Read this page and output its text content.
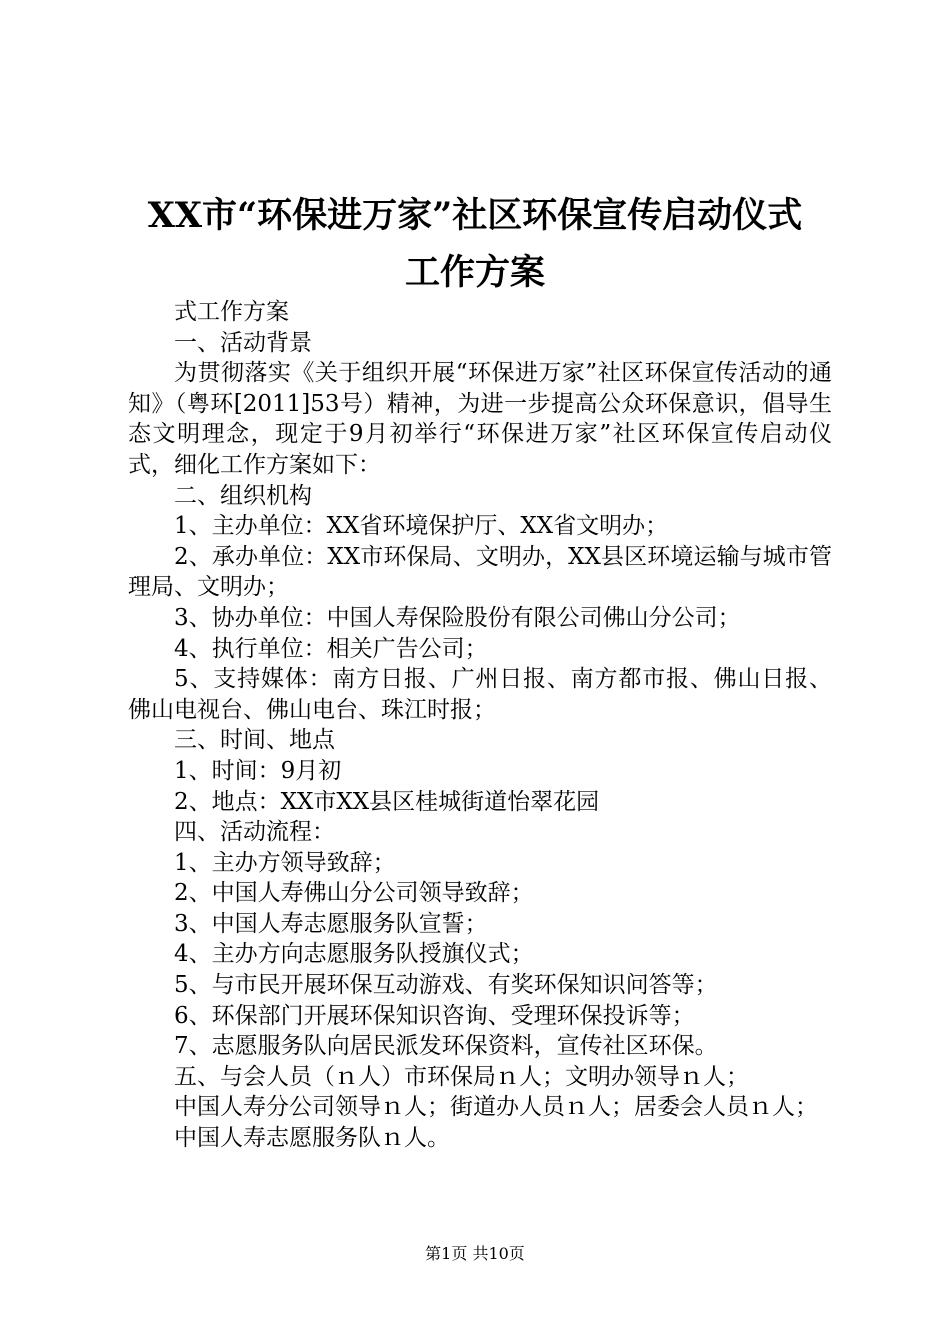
XX市“环保进万家”社区环保宣传启动仪式
工作方案

式工作方案

一、活动背景

为贯彻落实《关于组织开展“环保进万家”社区环保宣传活动的通知》（粤环[2011]53号）精神，为进一步提高公众环保意识，倡导生态文明理念，现定于9月初举行“环保进万家”社区环保宣传启动仪式，细化工作方案如下：

二、组织机构

1、主办单位：XX省环境保护厅、XX省文明办；

2、承办单位：XX市环保局、文明办，XX县区环境运输与城市管理局、文明办；

3、协办单位：中国人寿保险股份有限公司佛山分公司；

4、执行单位：相关广告公司；

5、支持媒体：南方日报、广州日报、南方都市报、佛山日报、佛山电视台、佛山电台、珠江时报；

三、时间、地点

1、时间：9月初

2、地点：XX市XX县区桂城街道怡翠花园

四、活动流程：

1、主办方领导致辞；

2、中国人寿佛山分公司领导致辞；

3、中国人寿志愿服务队宣誓；

4、主办方向志愿服务队授旗仪式；

5、与市民开展环保互动游戏、有奖环保知识问答等；

6、环保部门开展环保知识咨询、受理环保投诉等；

7、志愿服务队向居民派发环保资料，宣传社区环保。

五、与会人员（ｎ人）市环保局ｎ人；文明办领导ｎ人；

中国人寿分公司领导ｎ人；街道办人员ｎ人；居委会人员ｎ人；

中国人寿志愿服务队ｎ人。

第1页 共10页
